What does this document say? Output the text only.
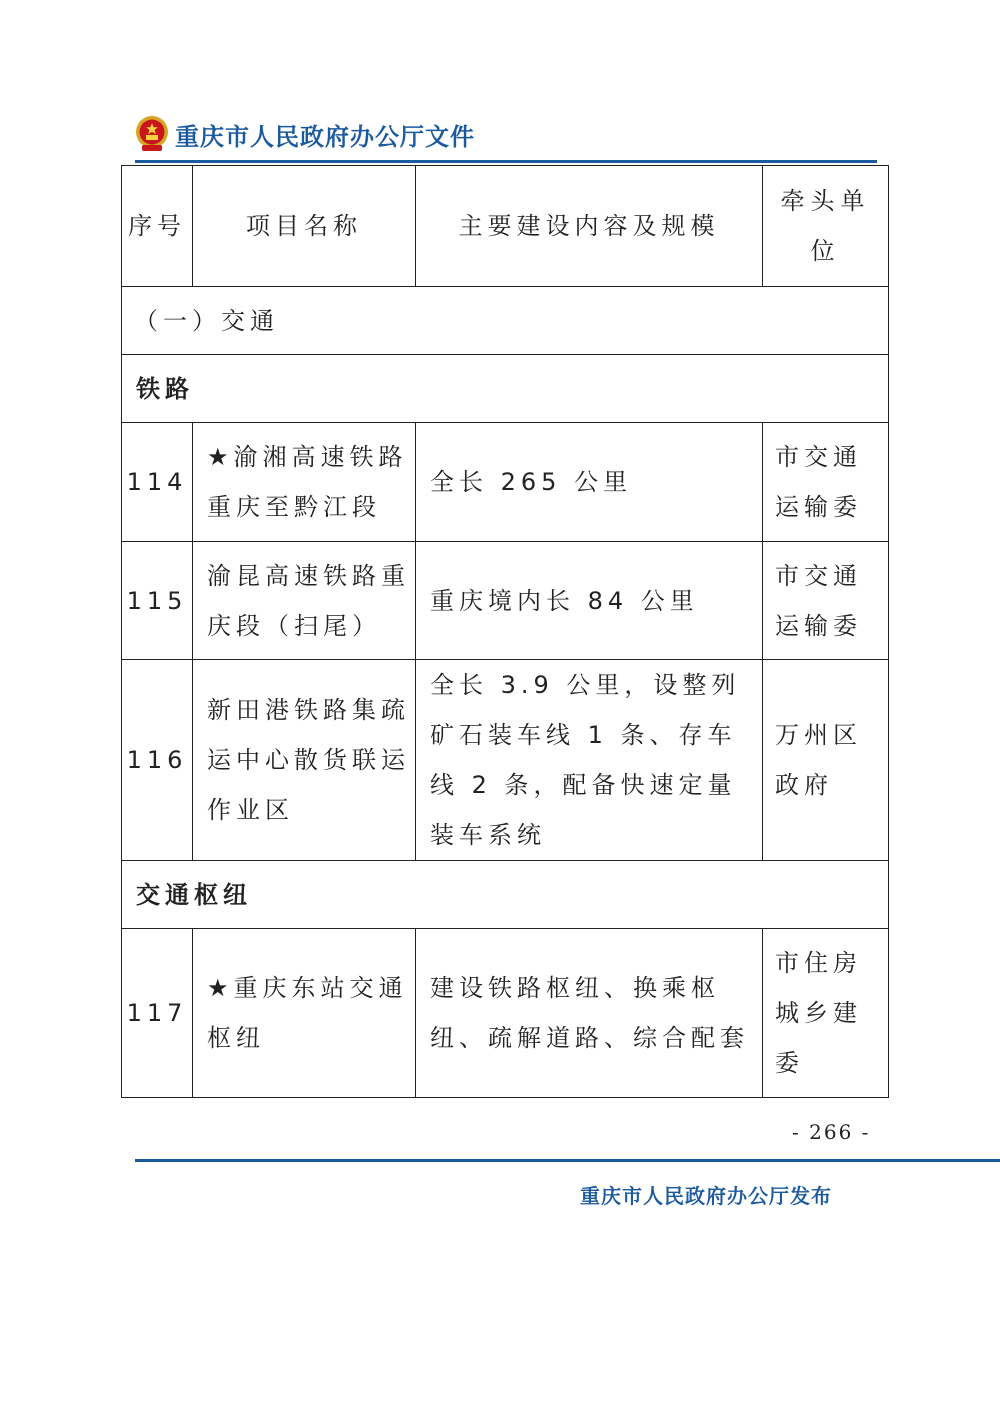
重庆市人民政府办公厅文件
序号	项目名称	主要建设内容及规模	牵头单位
（一）交通			
铁路			
114	★渝湘高速铁路重庆至黔江段	全长 265 公里	市交通运输委
115	渝昆高速铁路重庆段（扫尾）	重庆境内长 84 公里	市交通运输委
116	新田港铁路集疏运中心散货联运作业区	全长 3.9 公里，设整列矿石装车线 1 条、存车线 2 条，配备快速定量装车系统	万州区政府
交通枢纽			
117	★重庆东站交通枢纽	建设铁路枢纽、换乘枢纽、疏解道路、综合配套	市住房城乡建委
- 266 -
重庆市人民政府办公厅发布
